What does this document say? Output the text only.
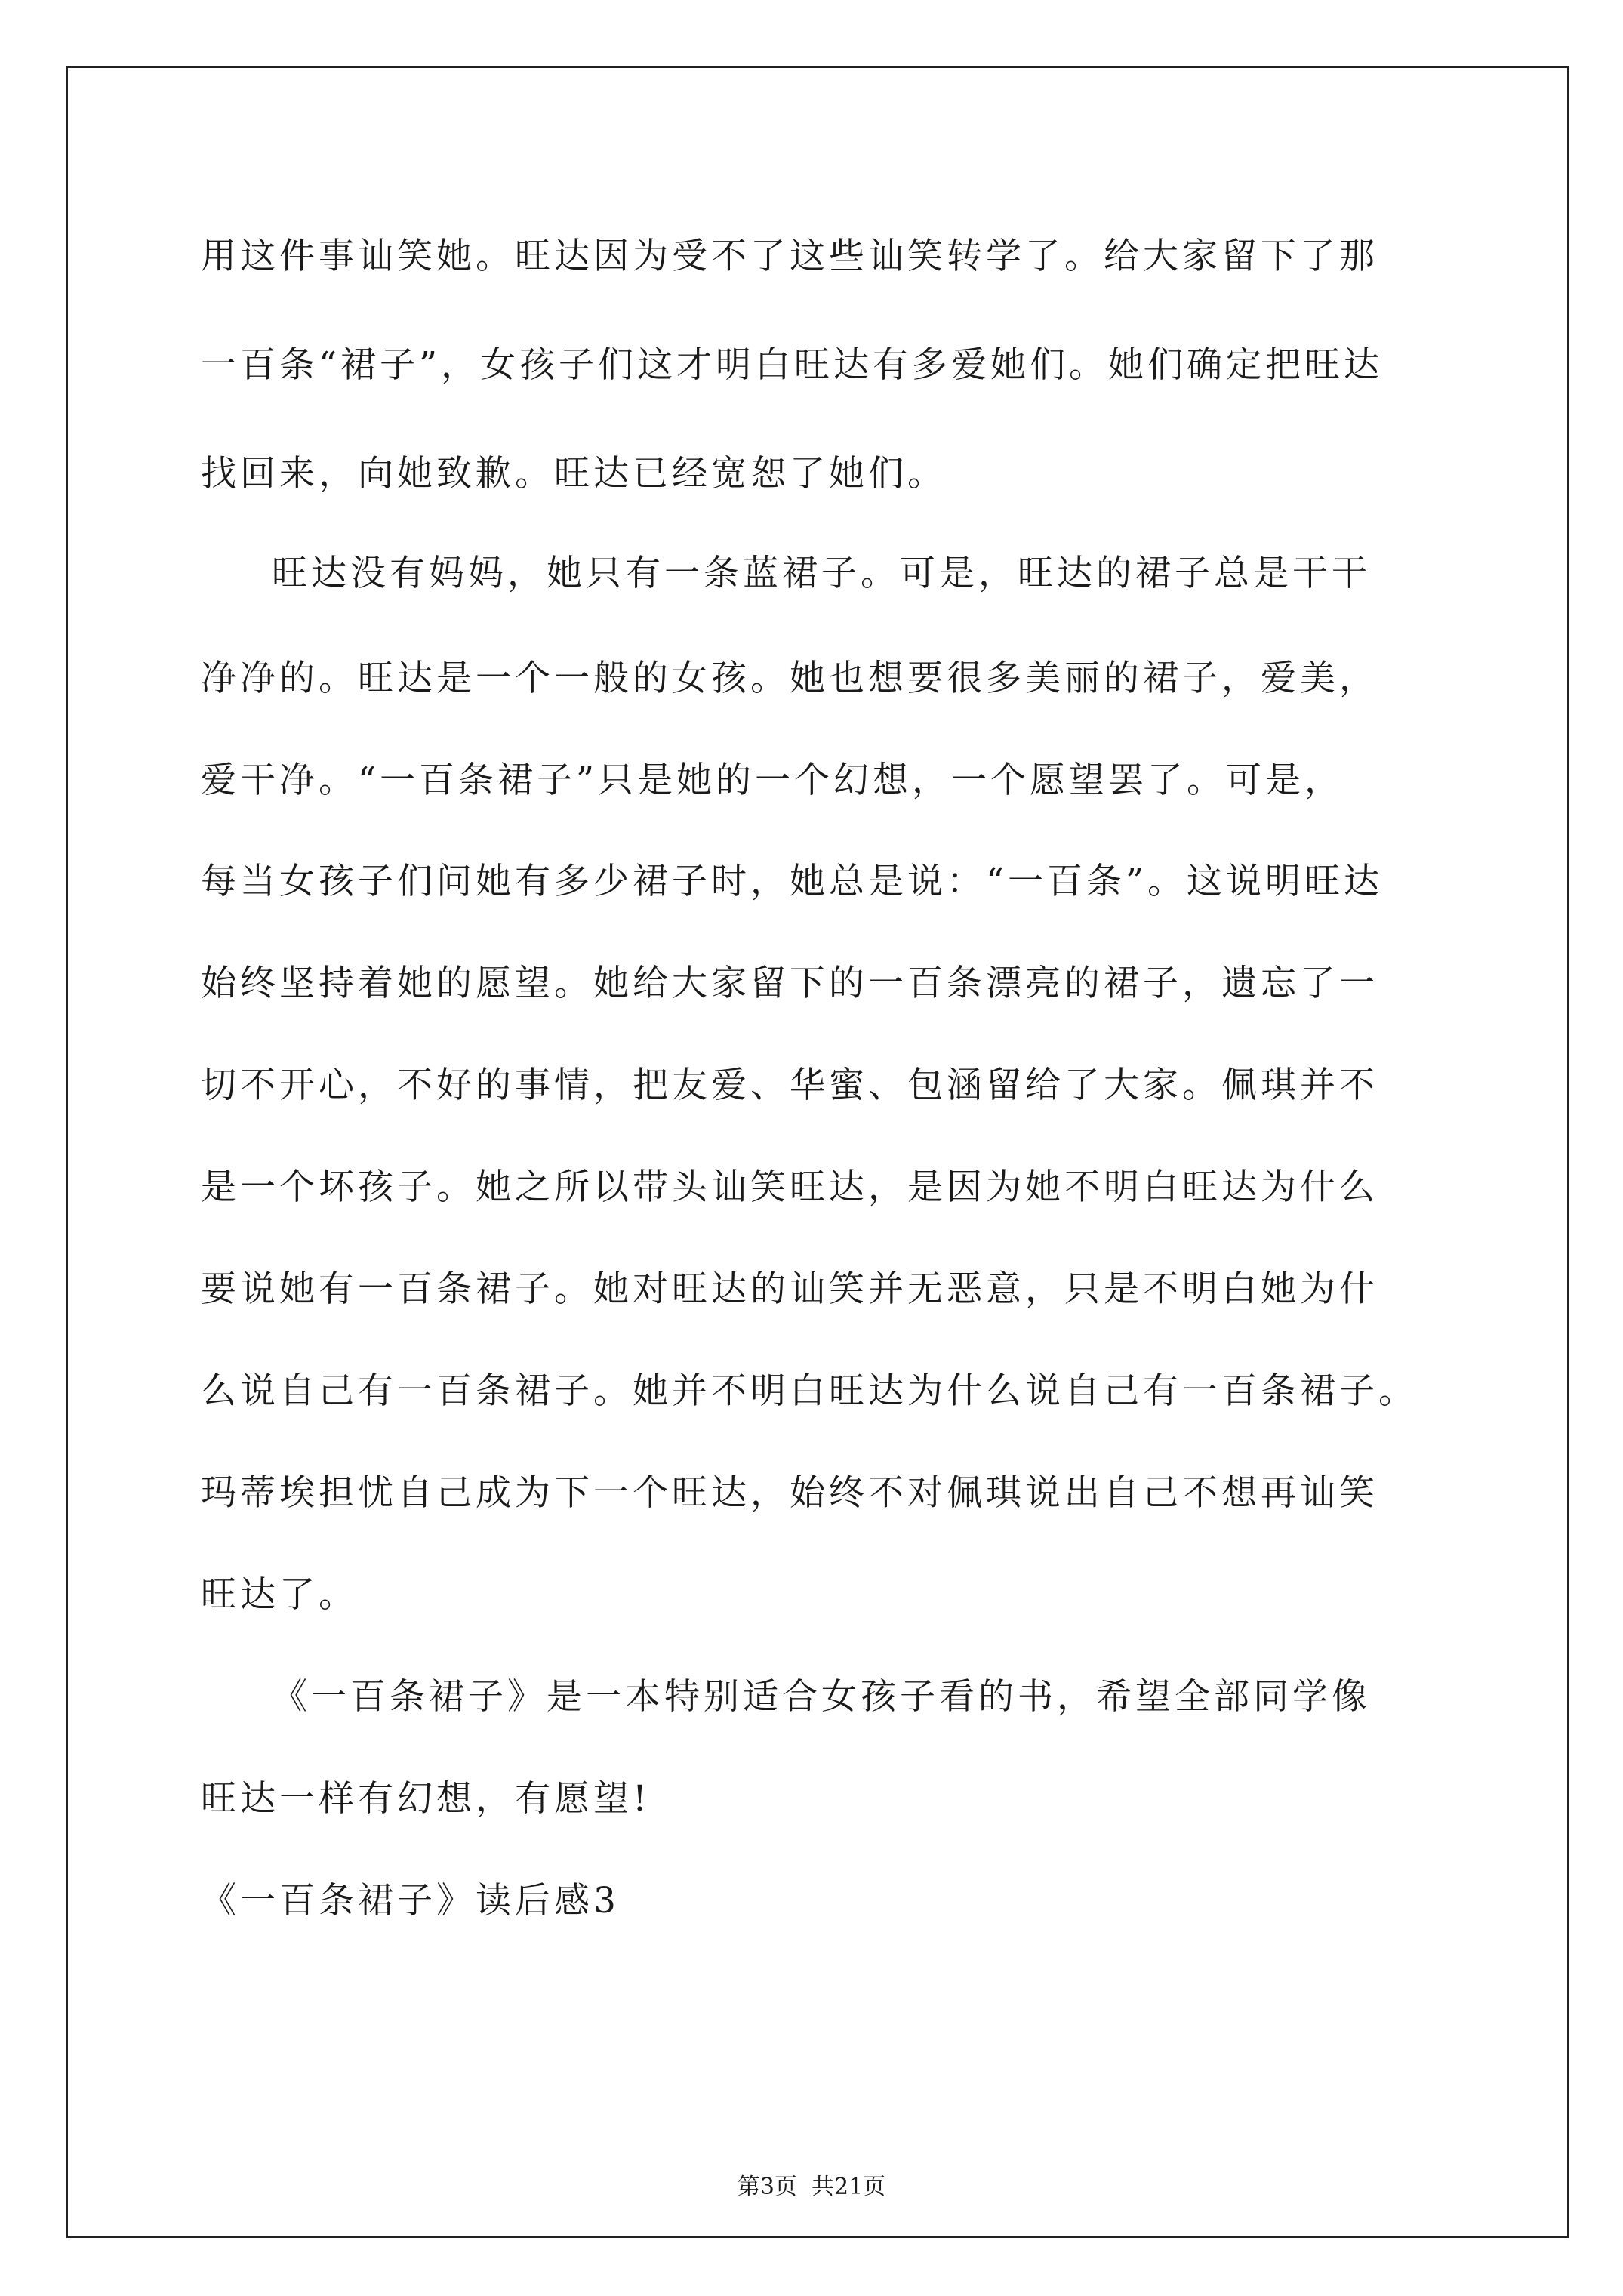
用这件事讪笑她。旺达因为受不了这些讪笑转学了。给大家留下了那
一百条“裙子”，女孩子们这才明白旺达有多爱她们。她们确定把旺达
找回来，向她致歉。旺达已经宽恕了她们。
旺达没有妈妈，她只有一条蓝裙子。可是，旺达的裙子总是干干
净净的。旺达是一个一般的女孩。她也想要很多美丽的裙子，爱美，
爱干净。“一百条裙子”只是她的一个幻想，一个愿望罢了。可是，
每当女孩子们问她有多少裙子时，她总是说：“一百条”。这说明旺达
始终坚持着她的愿望。她给大家留下的一百条漂亮的裙子，遗忘了一
切不开心，不好的事情，把友爱、华蜜、包涵留给了大家。佩琪并不
是一个坏孩子。她之所以带头讪笑旺达，是因为她不明白旺达为什么
要说她有一百条裙子。她对旺达的讪笑并无恶意，只是不明白她为什
么说自己有一百条裙子。她并不明白旺达为什么说自己有一百条裙子。
玛蒂埃担忧自己成为下一个旺达，始终不对佩琪说出自己不想再讪笑
旺达了。
《一百条裙子》是一本特别适合女孩子看的书，希望全部同学像
旺达一样有幻想，有愿望!
《一百条裙子》读后感3
第3页  共21页
